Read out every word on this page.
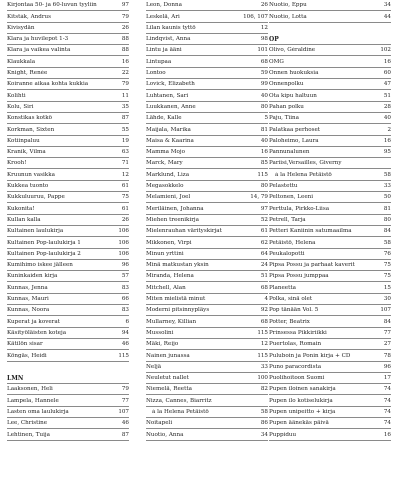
Kirjontaa 50- ja 60-luvun tyyliin	97
Kitsták, Andrus	79
Kivisydän	26
Klara ja huvilepot 1-3	88
Klara ja vaikea valinta	88
Klaukkala	16
Knight, Renée	22
Koiranne aikaa kohta kukkia	79
Kolihti	11
Kolu, Siri	35
Konstikas kotkö	87
Korkman, Sixten	55
Kotiinpaluu	19
Kranik, Vilma	63
Krooh!	71
Kruunun vasikka	12
Kukkea tuonto	61
Kukkuluuruu, Pappe	75
Kukonita!	61
Kullan kalla	26
Kultainen laulukirja	106
Kultainen Pop-laulukirja 1	106
Kultainen Pop-laulukirja 2	106
Kumihimo iskee jälleen	96
Kuninkaiden kirja	57
Kunnas, Jenna	83
Kunnas, Mauri	66
Kunnas, Noora	83
Kuperat ja koverat	6
Käsityöläisten koteja	94
Kätilön sisar	46
Köngäs, Heidi	115
LMN
Laaksonen, Heli	79
Lampela, Hannele	77
Lasten oma laulukirja	107
Lee, Christine	46
Lehtinen, Tuija	87
Leon, Donna	26
Leskelä, Ari	106, 107
Lilan kaunis tyttö	12
Lindqvist, Anna	98
Lintu ja ääni	101
Lintupaa	68
Lontoo	59
Lovick, Elizabeth	99
Luhtanen, Sari	40
Luukkanen, Anne	80
Lähde, Kalle	5
Maijala, Marika	81
Maisa & Kaarina	40
Mamma Mojo	16
Marck, Mary	85
Marklund, Liza	115
Megasokkelo	80
Melamieni, Joel	14, 79
Meriläinen, Johanna	97
Miehen treenikirja	52
Mielenrauhan värityskirjat	61
Mikkonen, Virpi	62
Minun yrttini	64
Minä matkustan yksin	24
Miranda, Helena	51
Mitchell, Alan	68
Miten mielistä minut	4
Moderni pitsinnypläys	92
Mullarney, Killian	68
Mussolini	115
Mäki, Reijo	12
Nainen junassa	115
Neljä	33
Neuletut nallet	100
Niemelä, Reetta	82
Nizza, Cannes, Biarritz
à la Helena Petäistö	58
Noitapeli	86
Nuotio, Anna	34
Nuotio, Eppu	34
Nuotio, Lotta	44
OP
Olivo, Géraldine	102
OMG	16
Onnen huokuksia	60
Onnenpolku	47
Ota kipu haltuun	51
Pahan polku	28
Paju, Tiina	40
Palatkaa perhoset	2
Paloheimo, Laura	16
Pannunalunen	95
Pariisi,Versailles, Giverny
à la Helena Petäistö	58
Pelastettu	33
Peltonen, Leeni	50
Perttula, Pirkko-Liisa	81
Petrell, Tarja	80
Petteri Kaniinin satumaailma	84
Petäistö, Helena	58
Peukalopotti	76
Pipsa Possu ja parhaat kaverit	75
Pipsa Possu jumppaa	75
Planeetta	15
Polka, sinä olet	30
Pop tänään Vol. 5	107
Potter, Beatrix	84
Prinsessa Pikkiriikki	77
Puertolas, Romain	27
Puluboin ja Ponin kirja + CD	78
Puno paracordista	96
Puolihoitoon Suomi	17
Pupen iloinen sanakirja	74
Pupen ilo kotiselukirja	74
Pupen unipeitto + kirja	74
Pupen äänekäs päivä	74
Puppiduu	16
